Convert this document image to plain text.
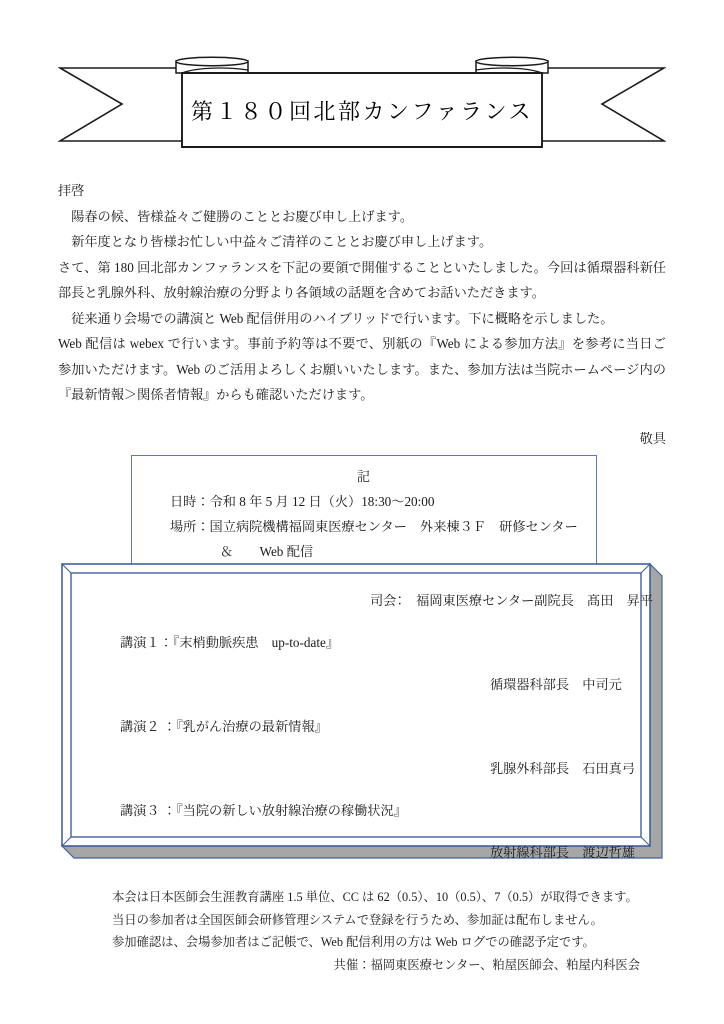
第１８０回北部カンファランス

拝啓

陽春の候、皆様益々ご健勝のこととお慶び申し上げます。

新年度となり皆様お忙しい中益々ご清祥のこととお慶び申し上げます。

さて、第 180 回北部カンファランスを下記の要領で開催することといたしました。今回は循環器科新任部長と乳腺外科、放射線治療の分野より各領域の話題を含めてお話いただきます。

従来通り会場での講演と Web 配信併用のハイブリッドで行います。下に概略を示しました。

Web 配信は webex で行います。事前予約等は不要で、別紙の『Web による参加方法』を参考に当日ご参加いただけます。Web のご活用よろしくお願いいたします。また、参加方法は当院ホームページ内の『最新情報＞関係者情報』からも確認いただけます。

敬具

記
日時：令和 8 年 5 月 12 日（火）18:30〜20:00
場所：国立病院機構福岡東医療センター　外来棟３Ｆ　研修センター
＆　　Web 配信

司会：　福岡東医療センター副院長　髙田　昇平

講演１：『末梢動脈疾患　up-to-date』

循環器科部長　中司元

講演２ ：『乳がん治療の最新情報』

乳腺外科部長　石田真弓

講演３ ：『当院の新しい放射線治療の稼働状況』

放射線科部長　渡辺哲雄

本会は日本医師会生涯教育講座 1.5 単位、CC は 62（0.5）、10（0.5）、7（0.5）が取得できます。

当日の参加者は全国医師会研修管理システムで登録を行うため、参加証は配布しません。

参加確認は、会場参加者はご記帳で、Web 配信利用の方は Web ログでの確認予定です。

共催：福岡東医療センター、粕屋医師会、粕屋内科医会
